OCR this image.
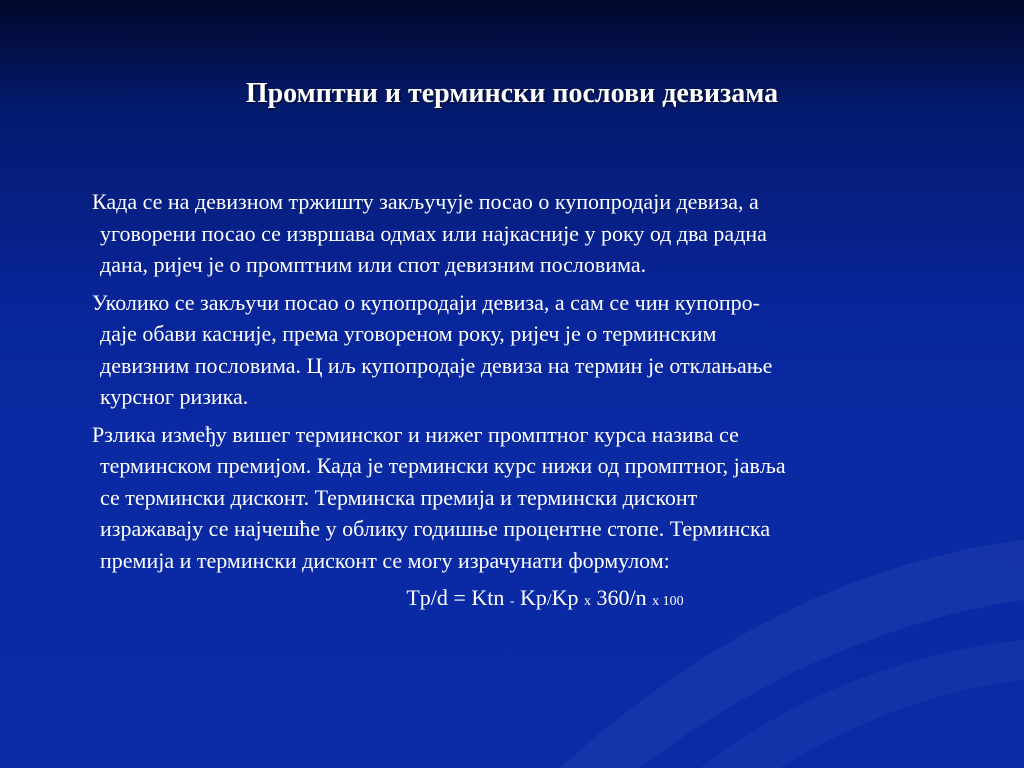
Промптни и термински послови девизама
Када се на девизном тржишту закључује посао о купопродаји девиза, а
уговорени посао се извршава одмах или најкасније у року од два радна
дана, ријеч је о промптним или спот девизним пословима.
Уколико се закључи посао о купопродаји девиза, а сам се чин купопро-
даје обави касније, према уговореном року, ријеч је о терминским
девизним пословима. Ц иљ купопродаје девиза на термин је отклањање
курсног ризика.
Рзлика између вишег терминског и нижег промптног курса назива се
терминском премијом. Када је термински курс нижи од промптног, јавља
се термински дисконт. Терминска премија и термински дисконт
изражавају се најчешће у облику годишње процентне стопе. Терминска
премија и термински дисконт се могу израчунати формулом:
Tp/d = Ktn - Kp/Kp x 360/n x 100
